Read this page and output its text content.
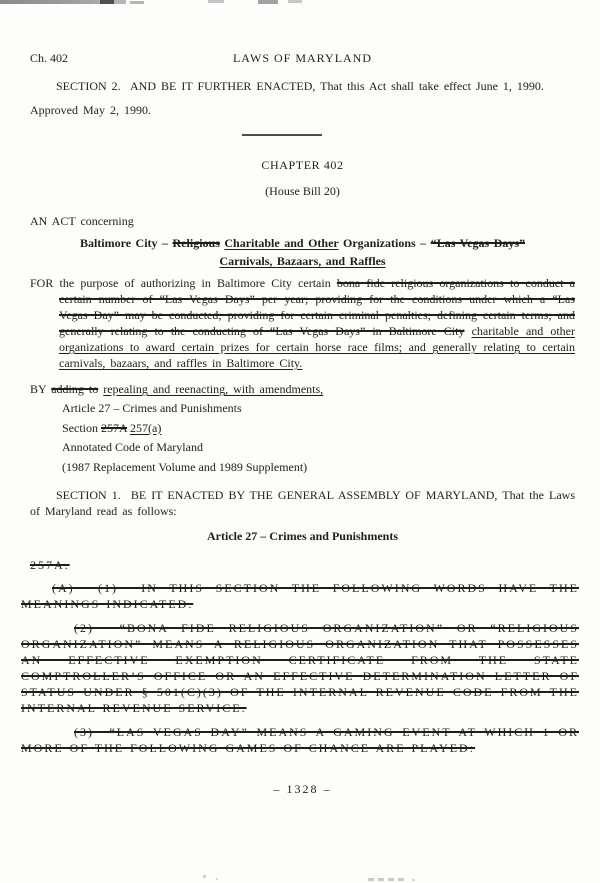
Ch. 402	LAWS OF MARYLAND

SECTION 2.  AND BE IT FURTHER ENACTED, That this Act shall take effect June 1, 1990.

Approved May 2, 1990.

CHAPTER 402

(House Bill 20)

AN ACT concerning

Baltimore City – Religious Charitable and Other Organizations – “Las Vegas Days”

Carnivals, Bazaars, and Raffles

FOR the purpose of authorizing in Baltimore City certain bona fide religious organizations to conduct a certain number of “Las Vegas Days” per year; providing for the conditions under which a “Las Vegas Day” may be conducted; providing for certain criminal penalties; defining certain terms; and generally relating to the conducting of “Las Vegas Days” in Baltimore City charitable and other organizations to award certain prizes for certain horse race films; and generally relating to certain carnivals, bazaars, and raffles in Baltimore City.

BY adding to repealing and reenacting, with amendments,

Article 27 – Crimes and Punishments

Section 257A 257(a)

Annotated Code of Maryland

(1987 Replacement Volume and 1989 Supplement)

SECTION 1.  BE IT ENACTED BY THE GENERAL ASSEMBLY OF MARYLAND, That the Laws of Maryland read as follows:

Article 27 – Crimes and Punishments

257A.

(A)  (1)  IN THIS SECTION THE FOLLOWING WORDS HAVE THE MEANINGS INDICATED.

(2)  “BONA FIDE RELIGIOUS ORGANIZATION” OR “RELIGIOUS ORGANIZATION” MEANS A RELIGIOUS ORGANIZATION THAT POSSESSES AN EFFECTIVE EXEMPTION CERTIFICATE FROM THE STATE COMPTROLLER’S OFFICE OR AN EFFECTIVE DETERMINATION LETTER OF STATUS UNDER § 501(C)(3) OF THE INTERNAL REVENUE CODE FROM THE INTERNAL REVENUE SERVICE.

(3)  “LAS VEGAS DAY” MEANS A GAMING EVENT AT WHICH 1 OR MORE OF THE FOLLOWING GAMES OF CHANCE ARE PLAYED:

– 1328 –
